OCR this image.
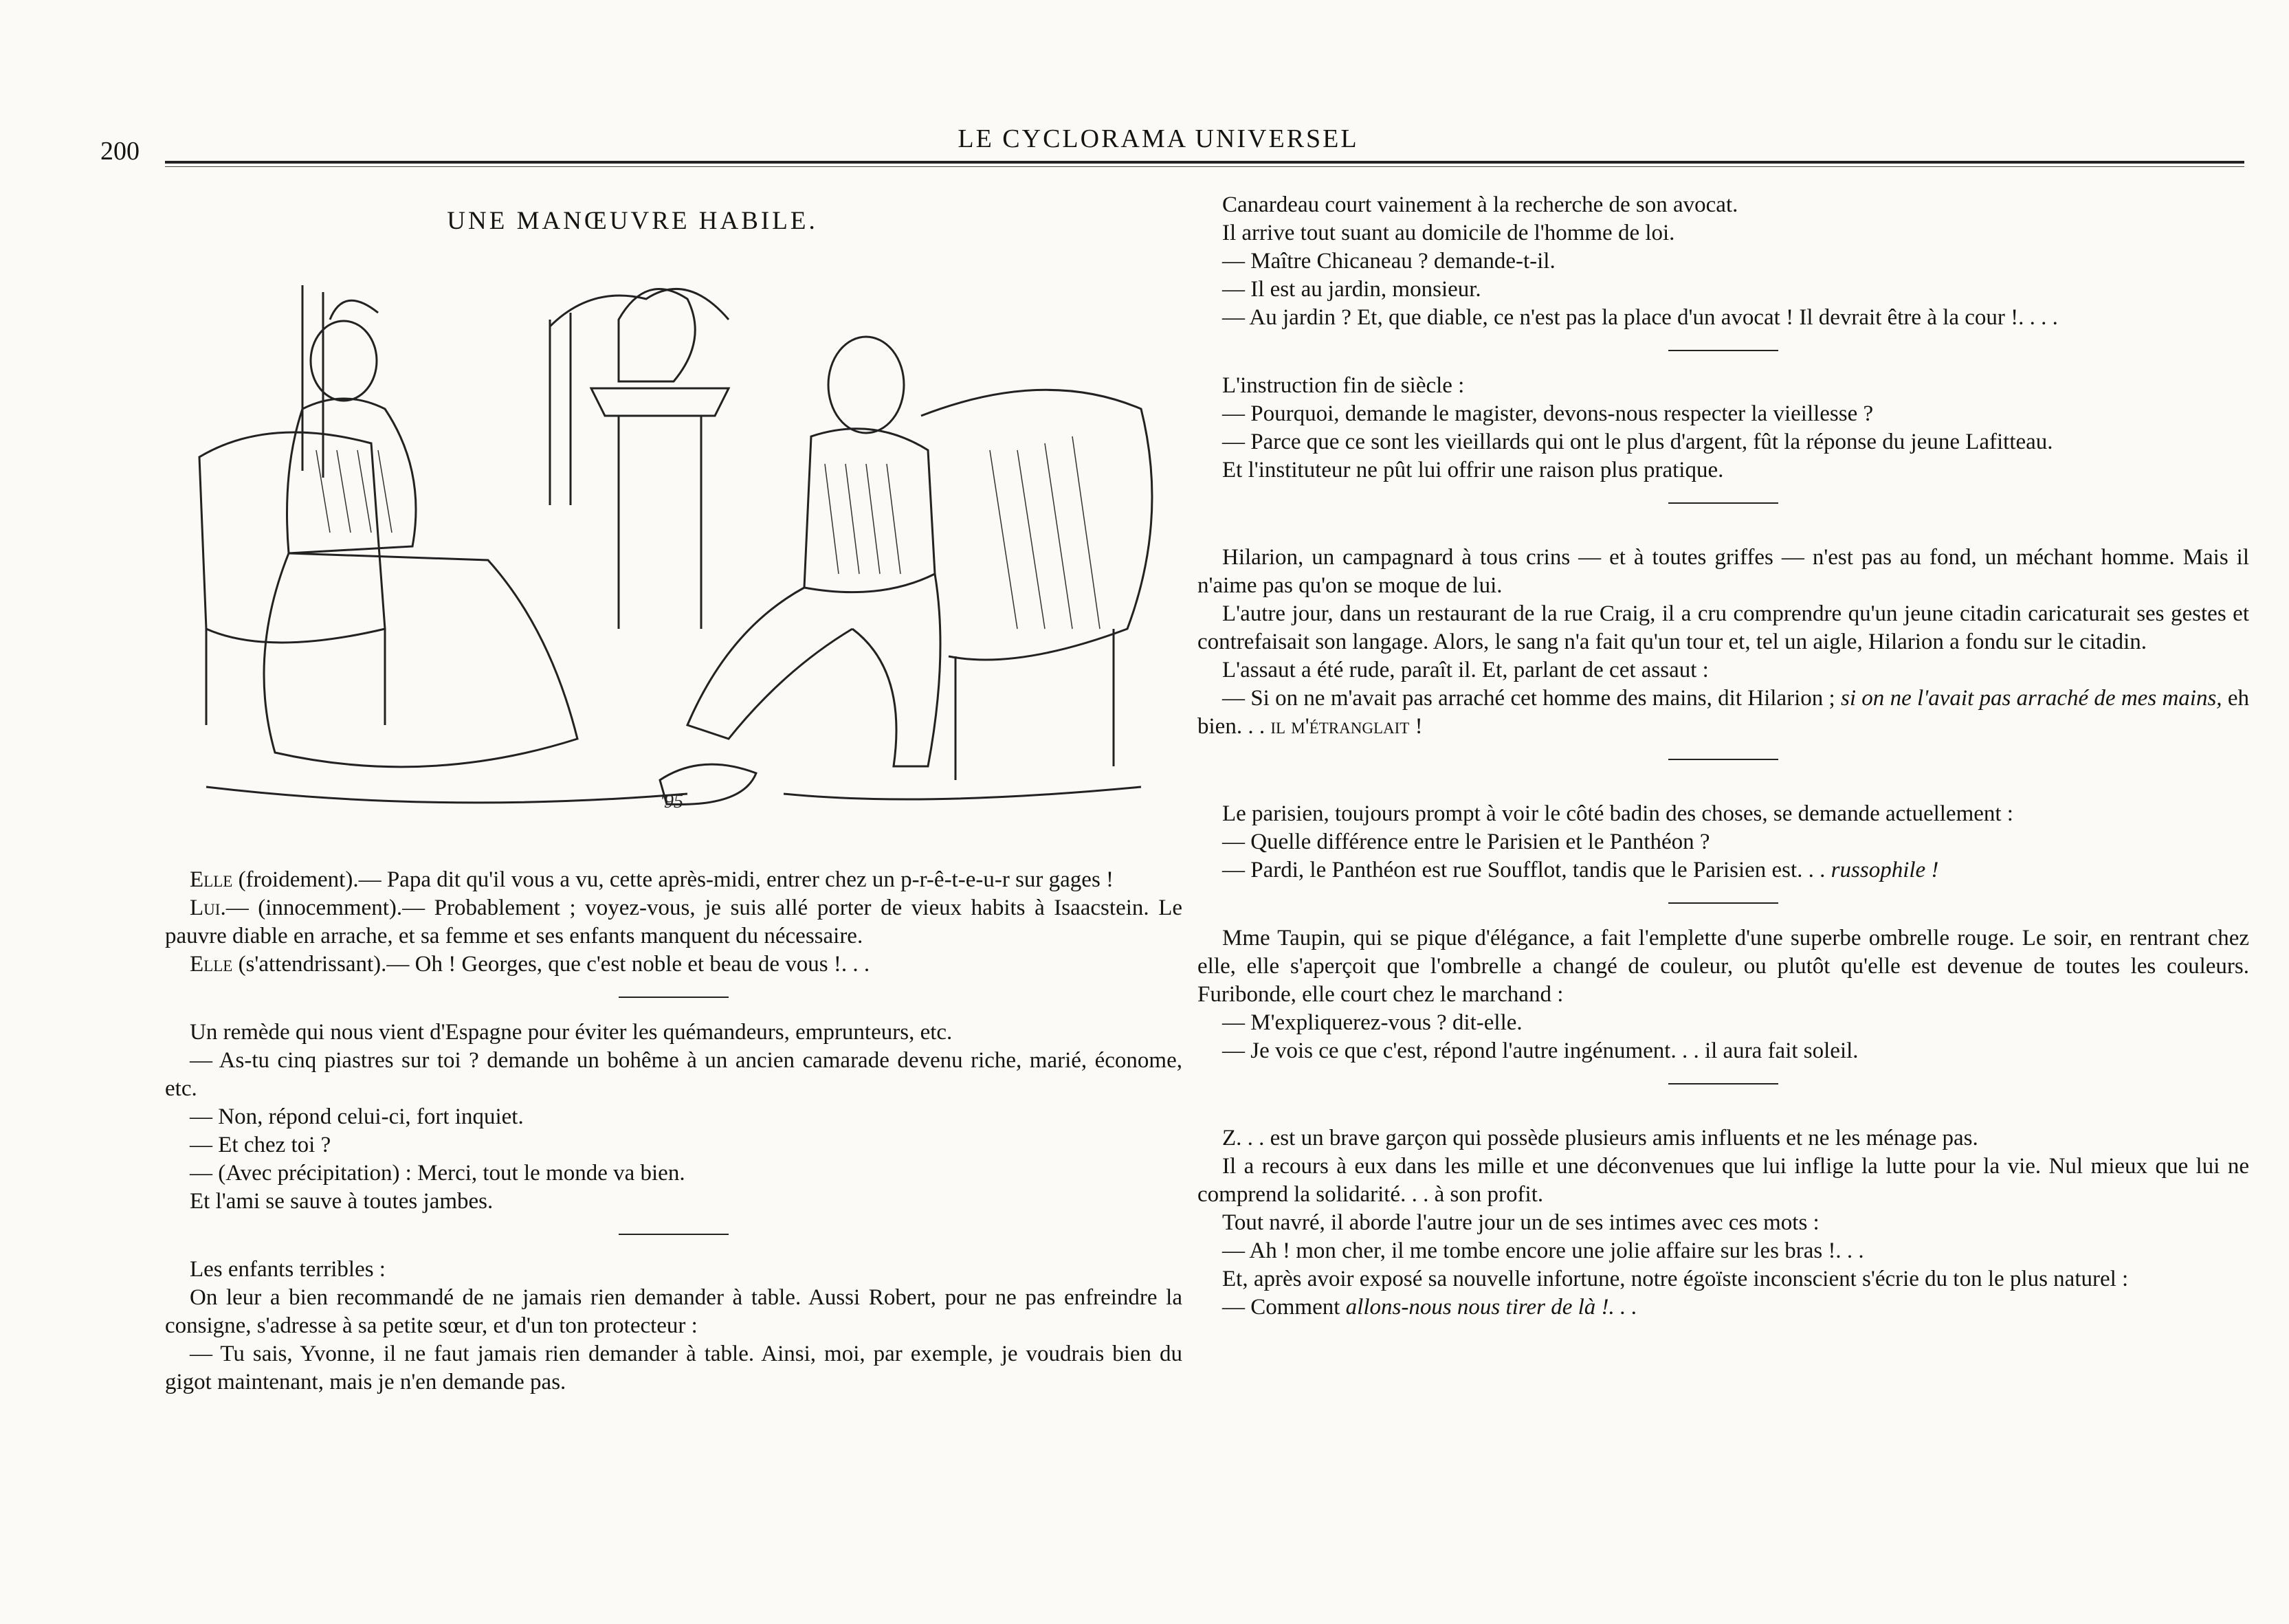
200	LE CYCLORAMA UNIVERSEL
UNE MANŒUVRE HABILE.
'95

Elle (froidement).— Papa dit qu'il vous a vu, cette après-midi, entrer chez un p-r-ê-t-e-u-r sur gages !

Lui.— (innocemment).— Probablement ; voyez-vous, je suis allé porter de vieux habits à Isaacstein. Le pauvre diable en arrache, et sa femme et ses enfants manquent du nécessaire.

Elle (s'attendrissant).— Oh ! Georges, que c'est noble et beau de vous !. . .

Un remède qui nous vient d'Espagne pour éviter les quémandeurs, emprunteurs, etc.

— As-tu cinq piastres sur toi ? demande un bohême à un ancien camarade devenu riche, marié, économe, etc.

— Non, répond celui-ci, fort inquiet.

— Et chez toi ?

— (Avec précipitation) : Merci, tout le monde va bien.

Et l'ami se sauve à toutes jambes.

Les enfants terribles :

On leur a bien recommandé de ne jamais rien demander à table. Aussi Robert, pour ne pas enfreindre la consigne, s'adresse à sa petite sœur, et d'un ton protecteur :

— Tu sais, Yvonne, il ne faut jamais rien demander à table. Ainsi, moi, par exemple, je voudrais bien du gigot maintenant, mais je n'en demande pas.

Canardeau court vainement à la recherche de son avocat.

Il arrive tout suant au domicile de l'homme de loi.

— Maître Chicaneau ? demande-t-il.

— Il est au jardin, monsieur.

— Au jardin ? Et, que diable, ce n'est pas la place d'un avocat ! Il devrait être à la cour !. . . .

L'instruction fin de siècle :

— Pourquoi, demande le magister, devons-nous respecter la vieillesse ?

— Parce que ce sont les vieillards qui ont le plus d'argent, fût la réponse du jeune Lafitteau.

Et l'instituteur ne pût lui offrir une raison plus pratique.

Hilarion, un campagnard à tous crins — et à toutes griffes — n'est pas au fond, un méchant homme. Mais il n'aime pas qu'on se moque de lui.

L'autre jour, dans un restaurant de la rue Craig, il a cru comprendre qu'un jeune citadin caricaturait ses gestes et contrefaisait son langage. Alors, le sang n'a fait qu'un tour et, tel un aigle, Hilarion a fondu sur le citadin.

L'assaut a été rude, paraît il. Et, parlant de cet assaut :

— Si on ne m'avait pas arraché cet homme des mains, dit Hilarion ; si on ne l'avait pas arraché de mes mains, eh bien. . . il m'étranglait !

Le parisien, toujours prompt à voir le côté badin des choses, se demande actuellement :

— Quelle différence entre le Parisien et le Panthéon ?

— Pardi, le Panthéon est rue Soufflot, tandis que le Parisien est. . . russophile !

Mme Taupin, qui se pique d'élégance, a fait l'emplette d'une superbe ombrelle rouge. Le soir, en rentrant chez elle, elle s'aperçoit que l'ombrelle a changé de couleur, ou plutôt qu'elle est devenue de toutes les couleurs. Furibonde, elle court chez le marchand :

— M'expliquerez-vous ? dit-elle.

— Je vois ce que c'est, répond l'autre ingénument. . . il aura fait soleil.

Z. . . est un brave garçon qui possède plusieurs amis influents et ne les ménage pas.

Il a recours à eux dans les mille et une déconvenues que lui inflige la lutte pour la vie. Nul mieux que lui ne comprend la solidarité. . . à son profit.

Tout navré, il aborde l'autre jour un de ses intimes avec ces mots :

— Ah ! mon cher, il me tombe encore une jolie affaire sur les bras !. . .

Et, après avoir exposé sa nouvelle infortune, notre égoïste inconscient s'écrie du ton le plus naturel :

— Comment allons-nous nous tirer de là !. . .
